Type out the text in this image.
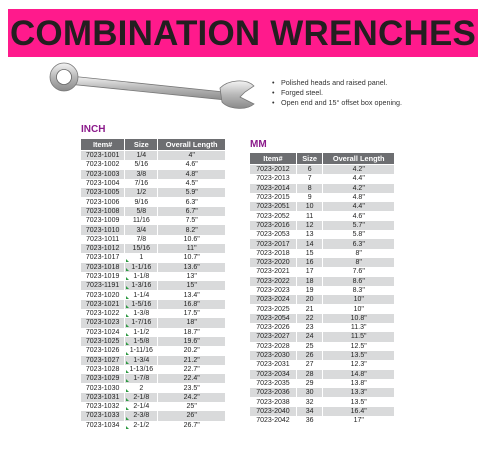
COMBINATION WRENCHES
• Polished heads and raised panel.
• Forged steel.
• Open end and 15° offset box opening.
INCH
Item#	Size	Overall Length
7023-1001	1/4	4"
7023-1002	5/16	4.6"
7023-1003	3/8	4.8"
7023-1004	7/16	4.5"
7023-1005	1/2	5.9"
7023-1006	9/16	6.3"
7023-1008	5/8	6.7"
7023-1009	11/16	7.5"
7023-1010	3/4	8.2"
7023-1011	7/8	10.6"
7023-1012	15/16	11"
7023-1017	1	10.7"
7023-1018	1-1/16	13.6"
7023-1019	1-1/8	13"
7023-1191	1-3/16	15"
7023-1020	1-1/4	13.4"
7023-1021	1-5/16	16.8"
7023-1022	1-3/8	17.5"
7023-1023	1-7/16	18"
7023-1024	1-1/2	18.7"
7023-1025	1-5/8	19.6"
7023-1026	1-11/16	20.2"
7023-1027	1-3/4	21.2"
7023-1028	1-13/16	22.7"
7023-1029	1-7/8	22.4"
7023-1030	2	23.5"
7023-1031	2-1/8	24.2"
7023-1032	2-1/4	25"
7023-1033	2-3/8	26"
7023-1034	2-1/2	26.7"
MM
Item#	Size	Overall Length
7023-2012	6	4.2"
7023-2013	7	4.4"
7023-2014	8	4.2"
7023-2015	9	4.8"
7023-2051	10	4.4"
7023-2052	11	4.6"
7023-2016	12	5.7"
7023-2053	13	5.8"
7023-2017	14	6.3"
7023-2018	15	8"
7023-2020	16	8"
7023-2021	17	7.6"
7023-2022	18	8.6"
7023-2023	19	8.3"
7023-2024	20	10"
7023-2025	21	10"
7023-2054	22	10.8"
7023-2026	23	11.3"
7023-2027	24	11.5"
7023-2028	25	12.5"
7023-2030	26	13.5"
7023-2031	27	12.3"
7023-2034	28	14.8"
7023-2035	29	13.8"
7023-2036	30	13.3"
7023-2038	32	13.5"
7023-2040	34	16.4"
7023-2042	36	17"
